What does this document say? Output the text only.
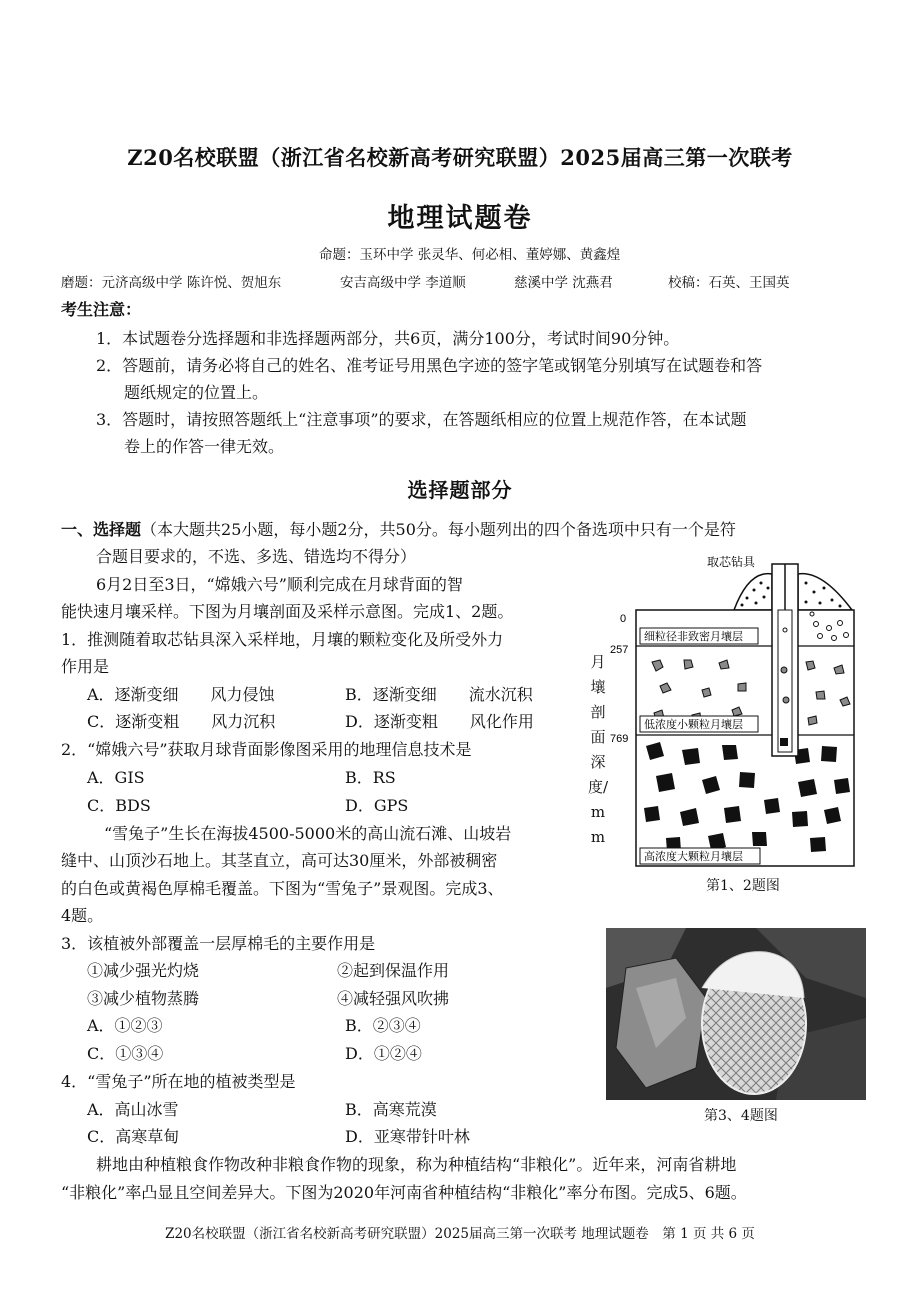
Z20名校联盟（浙江省名校新高考研究联盟）2025届高三第一次联考
地理试题卷
命题：玉环中学 张灵华、何必相、董婷娜、黄鑫煌
磨题：元济高级中学 陈许悦、贺旭东	安吉高级中学 李道顺	慈溪中学 沈燕君	校稿：石英、王国英
考生注意：
1．本试题卷分选择题和非选择题两部分，共6页，满分100分，考试时间90分钟。
2．答题前，请务必将自己的姓名、准考证号用黑色字迹的签字笔或钢笔分别填写在试题卷和答
题纸规定的位置上。
3．答题时，请按照答题纸上“注意事项”的要求，在答题纸相应的位置上规范作答，在本试题
卷上的作答一律无效。
选择题部分
一、选择题（本大题共25小题，每小题2分，共50分。每小题列出的四个备选项中只有一个是符
合题目要求的，不选、多选、错选均不得分）
6月2日至3日，“嫦娥六号”顺利完成在月球背面的智
能快速月壤采样。下图为月壤剖面及采样示意图。完成1、2题。
1．推测随着取芯钻具深入采样地，月壤的颗粒变化及所受外力
作用是
A．逐渐变细　　风力侵蚀	B．逐渐变细　　流水沉积
C．逐渐变粗　　风力沉积	D．逐渐变粗　　风化作用
2．“嫦娥六号”获取月球背面影像图采用的地理信息技术是
A．GIS	B．RS
C．BDS	D．GPS
“雪兔子”生长在海拔4500-5000米的高山流石滩、山坡岩
缝中、山顶沙石地上。其茎直立，高可达30厘米，外部被稠密
的白色或黄褐色厚棉毛覆盖。下图为“雪兔子”景观图。完成3、
4题。
3．该植被外部覆盖一层厚棉毛的主要作用是
①减少强光灼烧	②起到保温作用
③减少植物蒸腾	④减轻强风吹拂
A．①②③	B．②③④
C．①③④	D．①②④
4．“雪兔子”所在地的植被类型是
A．高山冰雪	B．高寒荒漠
C．高寒草甸	D．亚寒带针叶林
耕地由种植粮食作物改种非粮食作物的现象，称为种植结构“非粮化”。近年来，河南省耕地
“非粮化”率凸显且空间差异大。下图为2020年河南省种植结构“非粮化”率分布图。完成5、6题。
取芯钻具
0
257
769
细粒径非致密月壤层
低浓度小颗粒月壤层
高浓度大颗粒月壤层
月壤剖面深度/mm
第1、2题图
第3、4题图
Z20名校联盟（浙江省名校新高考研究联盟）2025届高三第一次联考 地理试题卷　第 1 页 共 6 页
